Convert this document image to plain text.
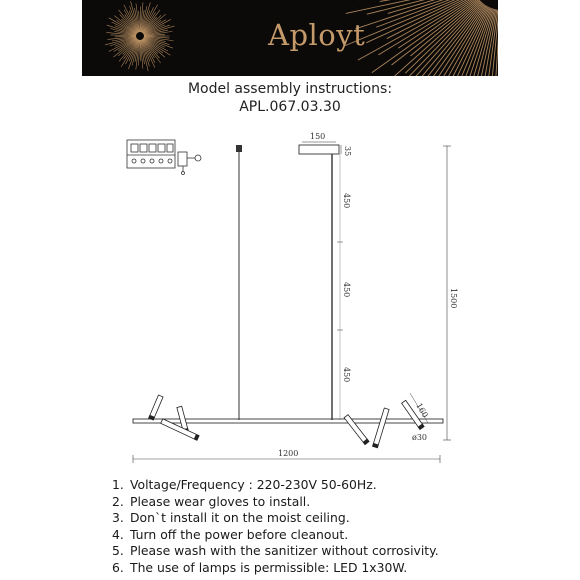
Aployt
Model assembly instructions:
APL.067.03.30
150
35
450
450
450
1500
160
ø30
1200
1. Voltage/Frequency : 220-230V 50-60Hz.
2. Please wear gloves to install.
3. Don`t install it on the moist ceiling.
4. Turn off the power before cleanout.
5. Please wash with the sanitizer without corrosivity.
6. The use of lamps is permissible: LED 1x30W.
